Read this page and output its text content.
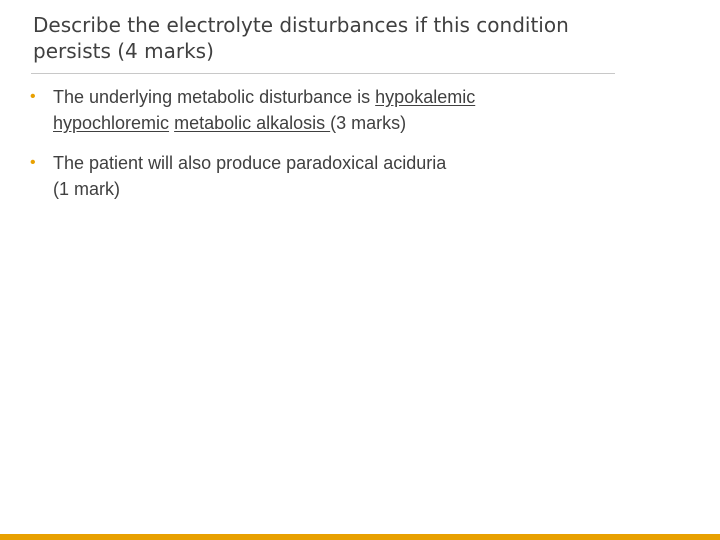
Describe the electrolyte disturbances if this condition
persists (4 marks)
• The underlying metabolic disturbance is hypokalemic
hypochloremic metabolic alkalosis (3 marks)
• The patient will also produce paradoxical aciduria
(1 mark)
